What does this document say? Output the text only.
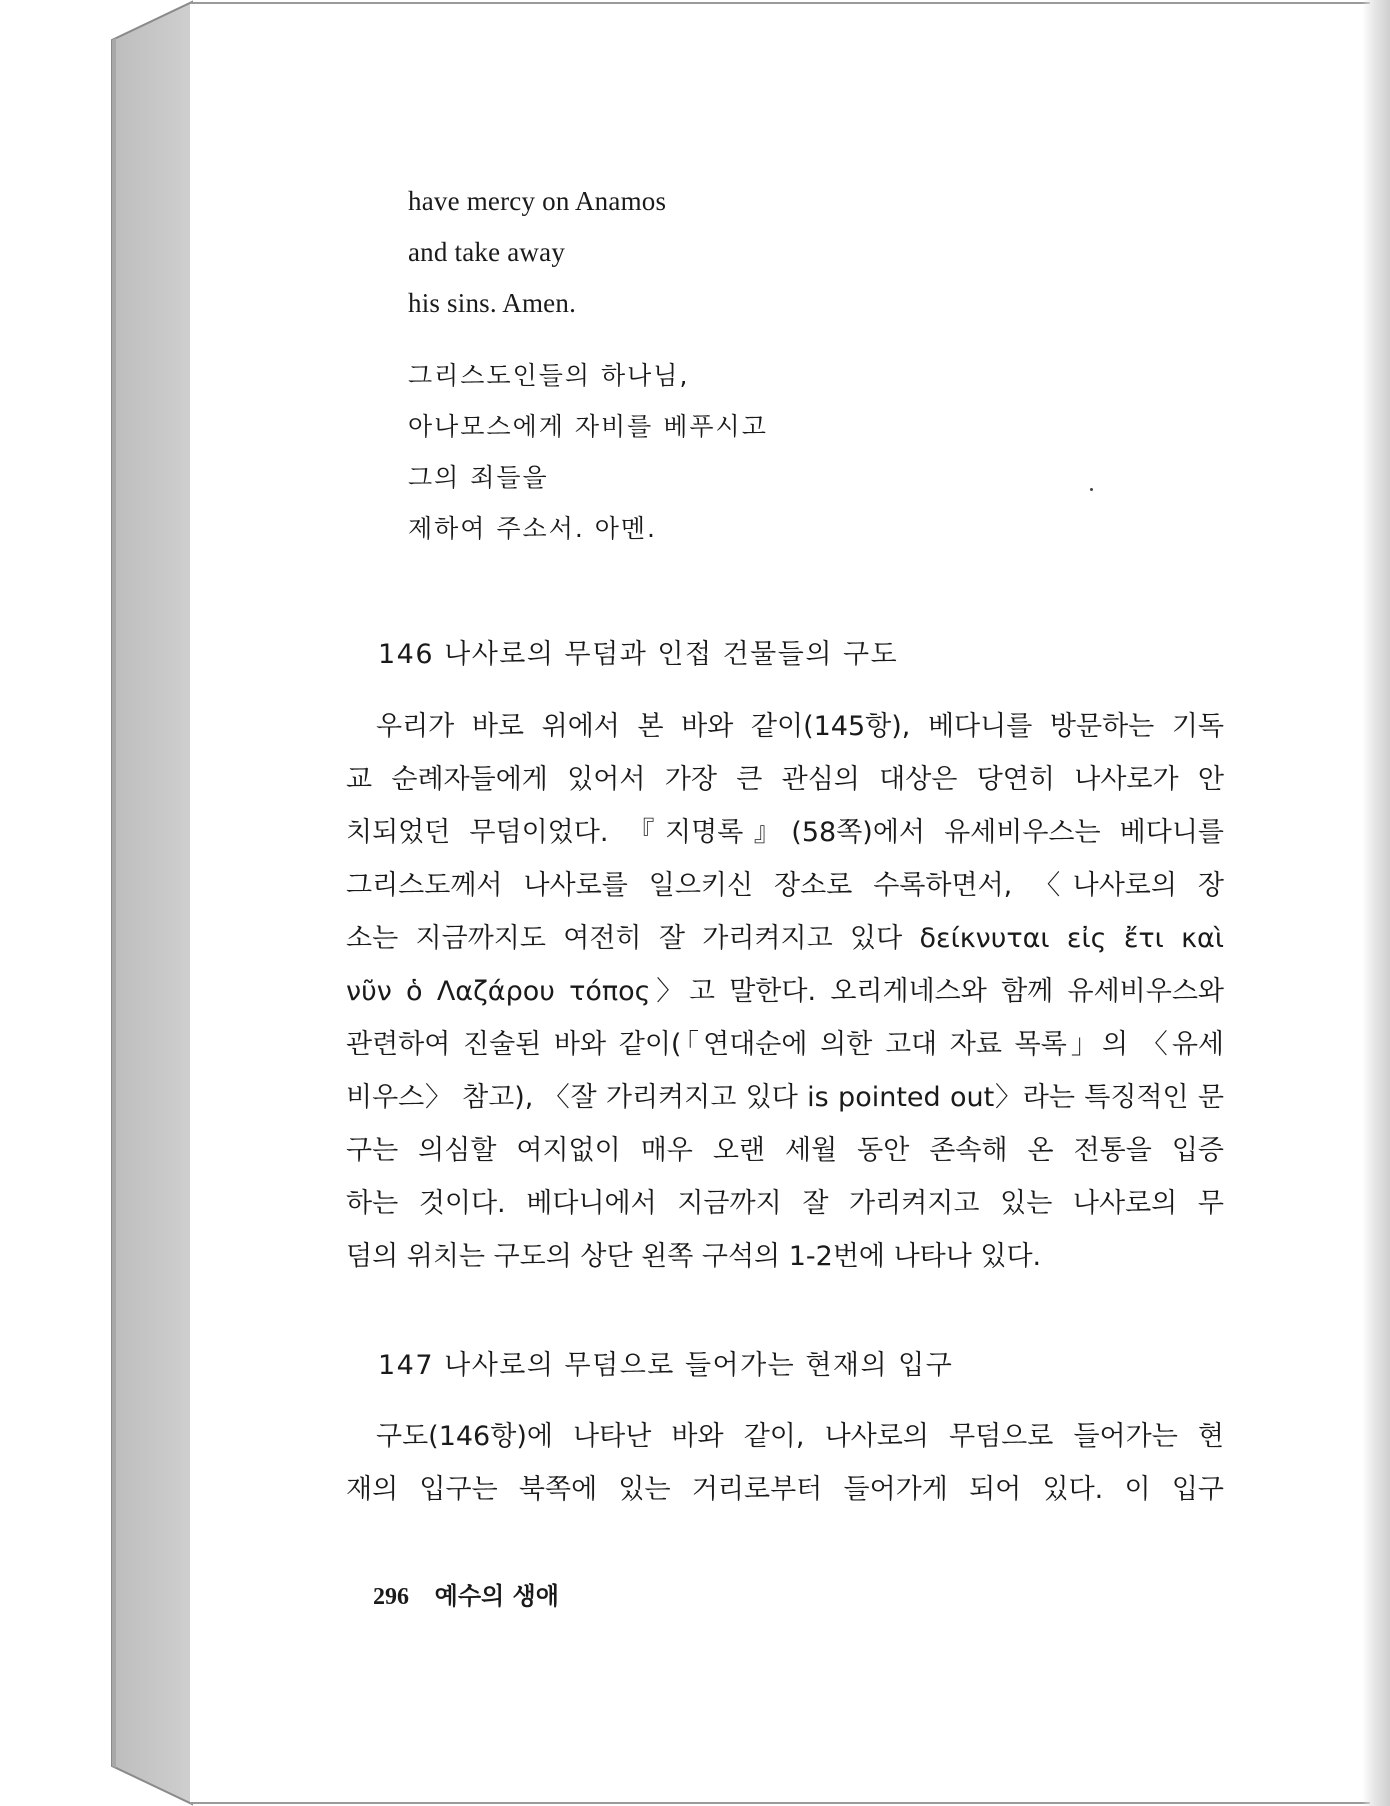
have mercy on Anamos
and take away
his sins. Amen.
그리스도인들의 하나님,
아나모스에게 자비를 베푸시고
그의 죄들을
제하여 주소서. 아멘.
146 나사로의 무덤과 인접 건물들의 구도
우리가 바로 위에서 본 바와 같이(145항), 베다니를 방문하는 기독
교 순례자들에게 있어서 가장 큰 관심의 대상은 당연히 나사로가 안
치되었던 무덤이었다. 『지명록』(58쪽)에서 유세비우스는 베다니를
그리스도께서 나사로를 일으키신 장소로 수록하면서, 〈나사로의 장
소는 지금까지도 여전히 잘 가리켜지고 있다 δείκνυται εἰς ἔτι καὶ
νῦν ὁ Λαζάρου τόπος〉고 말한다. 오리게네스와 함께 유세비우스와
관련하여 진술된 바와 같이(「연대순에 의한 고대 자료 목록」의 〈유세
비우스〉 참고), 〈잘 가리켜지고 있다 is pointed out〉라는 특징적인 문
구는 의심할 여지없이 매우 오랜 세월 동안 존속해 온 전통을 입증
하는 것이다. 베다니에서 지금까지 잘 가리켜지고 있는 나사로의 무
덤의 위치는 구도의 상단 왼쪽 구석의 1-2번에 나타나 있다.
147 나사로의 무덤으로 들어가는 현재의 입구
구도(146항)에 나타난 바와 같이, 나사로의 무덤으로 들어가는 현
재의 입구는 북쪽에 있는 거리로부터 들어가게 되어 있다. 이 입구
296 예수의 생애
